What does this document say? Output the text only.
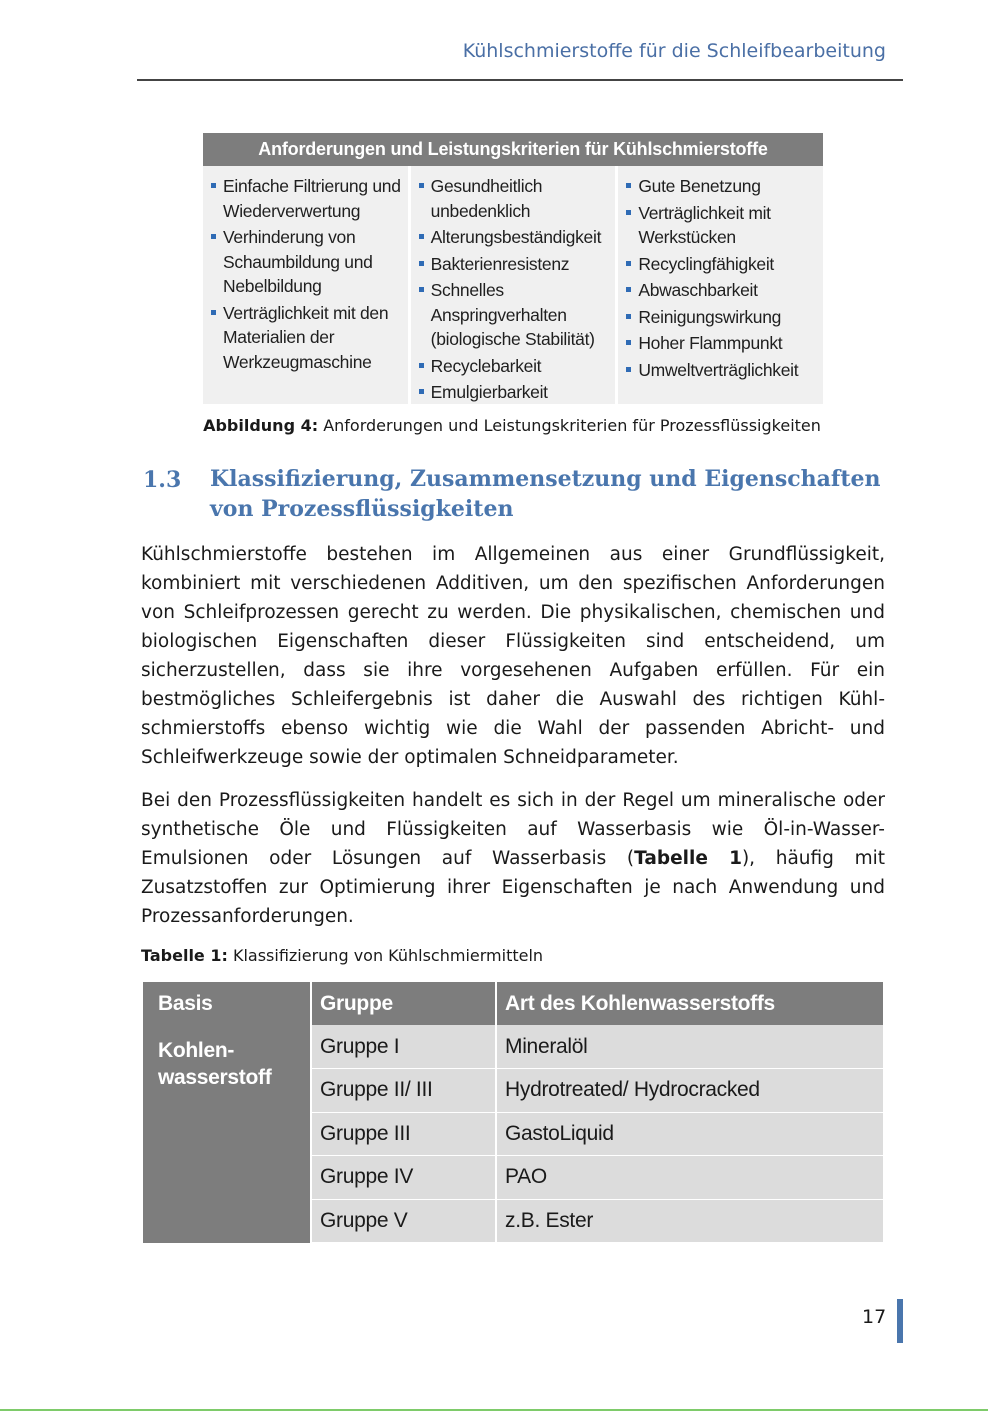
Kühlschmierstoffe für die Schleifbearbeitung
Anforderungen und Leistungskriterien für Kühlschmierstoffe
Einfache Filtrierung und Wiederverwertung
Verhinderung von Schaumbildung und Nebelbildung
Verträglichkeit mit den Materialien der Werkzeugmaschine
Gesundheitlich unbedenklich
Alterungsbeständigkeit
Bakterienresistenz
Schnelles Anspringverhalten (biologische Stabilität)
Recyclebarkeit
Emulgierbarkeit
Gute Benetzung
Verträglichkeit mit Werkstücken
Recyclingfähigkeit
Abwaschbarkeit
Reinigungswirkung
Hoher Flammpunkt
Umweltverträglichkeit
Abbildung 4: Anforderungen und Leistungskriterien für Prozessflüssigkeiten
1.3 Klassifizierung, Zusammensetzung und Eigenschaften von Prozessflüssigkeiten

Kühlschmierstoffe bestehen im Allgemeinen aus einer Grundflüssigkeit, kombiniert mit verschiedenen Additiven, um den spezifischen Anforderungen von Schleifprozessen gerecht zu werden. Die physikalischen, chemischen und biologischen Eigenschaften dieser Flüssigkeiten sind entscheidend, um sicherzustellen, dass sie ihre vorgesehenen Aufgaben erfüllen. Für ein bestmögliches Schleifergebnis ist daher die Auswahl des richtigen Kühlschmierstoffs ebenso wichtig wie die Wahl der passenden Abricht- und Schleifwerkzeuge sowie der optimalen Schneidparameter.

Bei den Prozessflüssigkeiten handelt es sich in der Regel um mineralische oder synthetische Öle und Flüssigkeiten auf Wasserbasis wie Öl-in-Wasser-Emulsionen oder Lösungen auf Wasserbasis (Tabelle 1), häufig mit Zusatzstoffen zur Optimierung ihrer Eigenschaften je nach Anwendung und Prozessanforderungen.

Tabelle 1: Klassifizierung von Kühlschmiermitteln
Basis	Gruppe	Art des Kohlenwasserstoffs
Kohlen-
wasserstoff	Gruppe I	Mineralöl
	Gruppe II/ III	Hydrotreated/ Hydrocracked
	Gruppe III	GastoLiquid
	Gruppe IV	PAO
	Gruppe V	z.B. Ester
17
